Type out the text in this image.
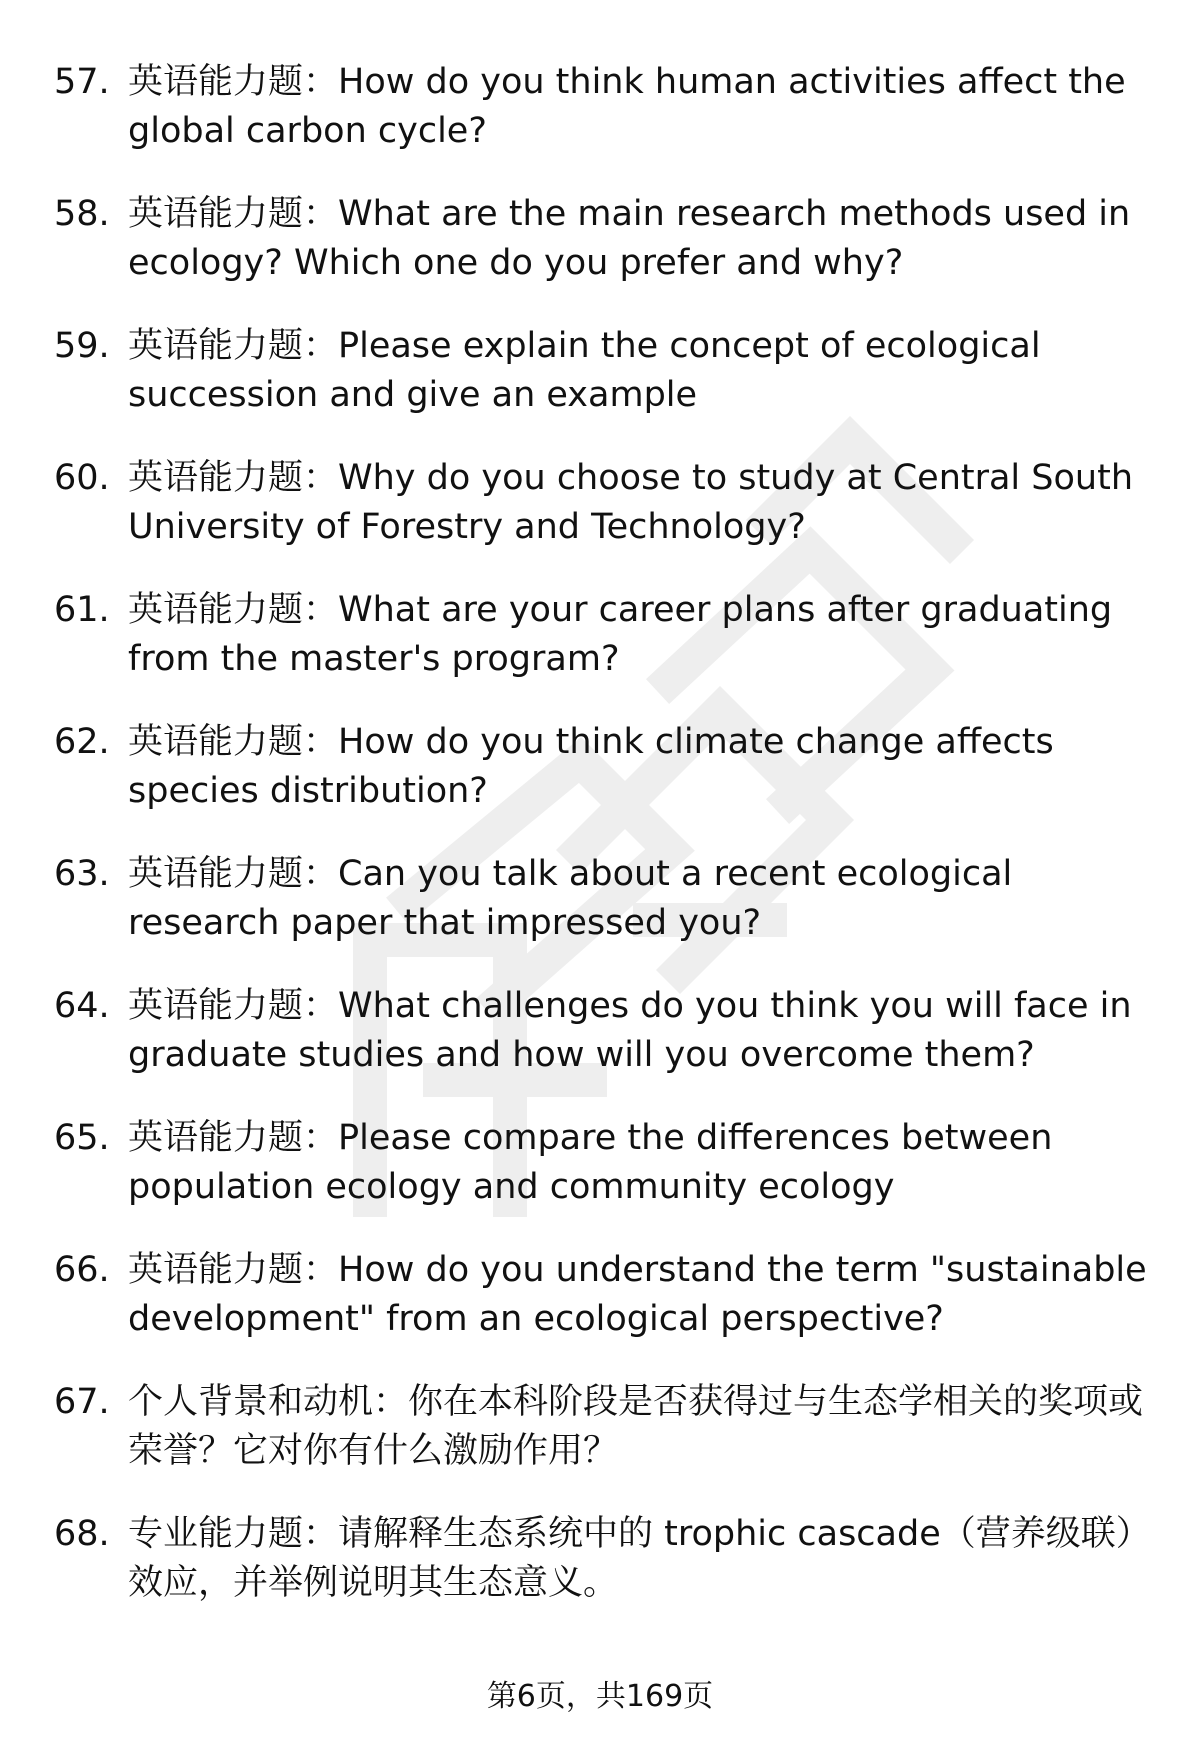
57. 英语能力题：How do you think human activities affect the global carbon cycle?
58. 英语能力题：What are the main research methods used in ecology? Which one do you prefer and why?
59. 英语能力题：Please explain the concept of ecological succession and give an example
60. 英语能力题：Why do you choose to study at Central South University of Forestry and Technology?
61. 英语能力题：What are your career plans after graduating from the master's program?
62. 英语能力题：How do you think climate change affects species distribution?
63. 英语能力题：Can you talk about a recent ecological research paper that impressed you?
64. 英语能力题：What challenges do you think you will face in graduate studies and how will you overcome them?
65. 英语能力题：Please compare the differences between population ecology and community ecology
66. 英语能力题：How do you understand the term "sustainable development" from an ecological perspective?
67. 个人背景和动机：你在本科阶段是否获得过与生态学相关的奖项或荣誉？它对你有什么激励作用？
68. 专业能力题：请解释生态系统中的 trophic cascade（营养级联）效应，并举例说明其生态意义。
第6页，共169页
